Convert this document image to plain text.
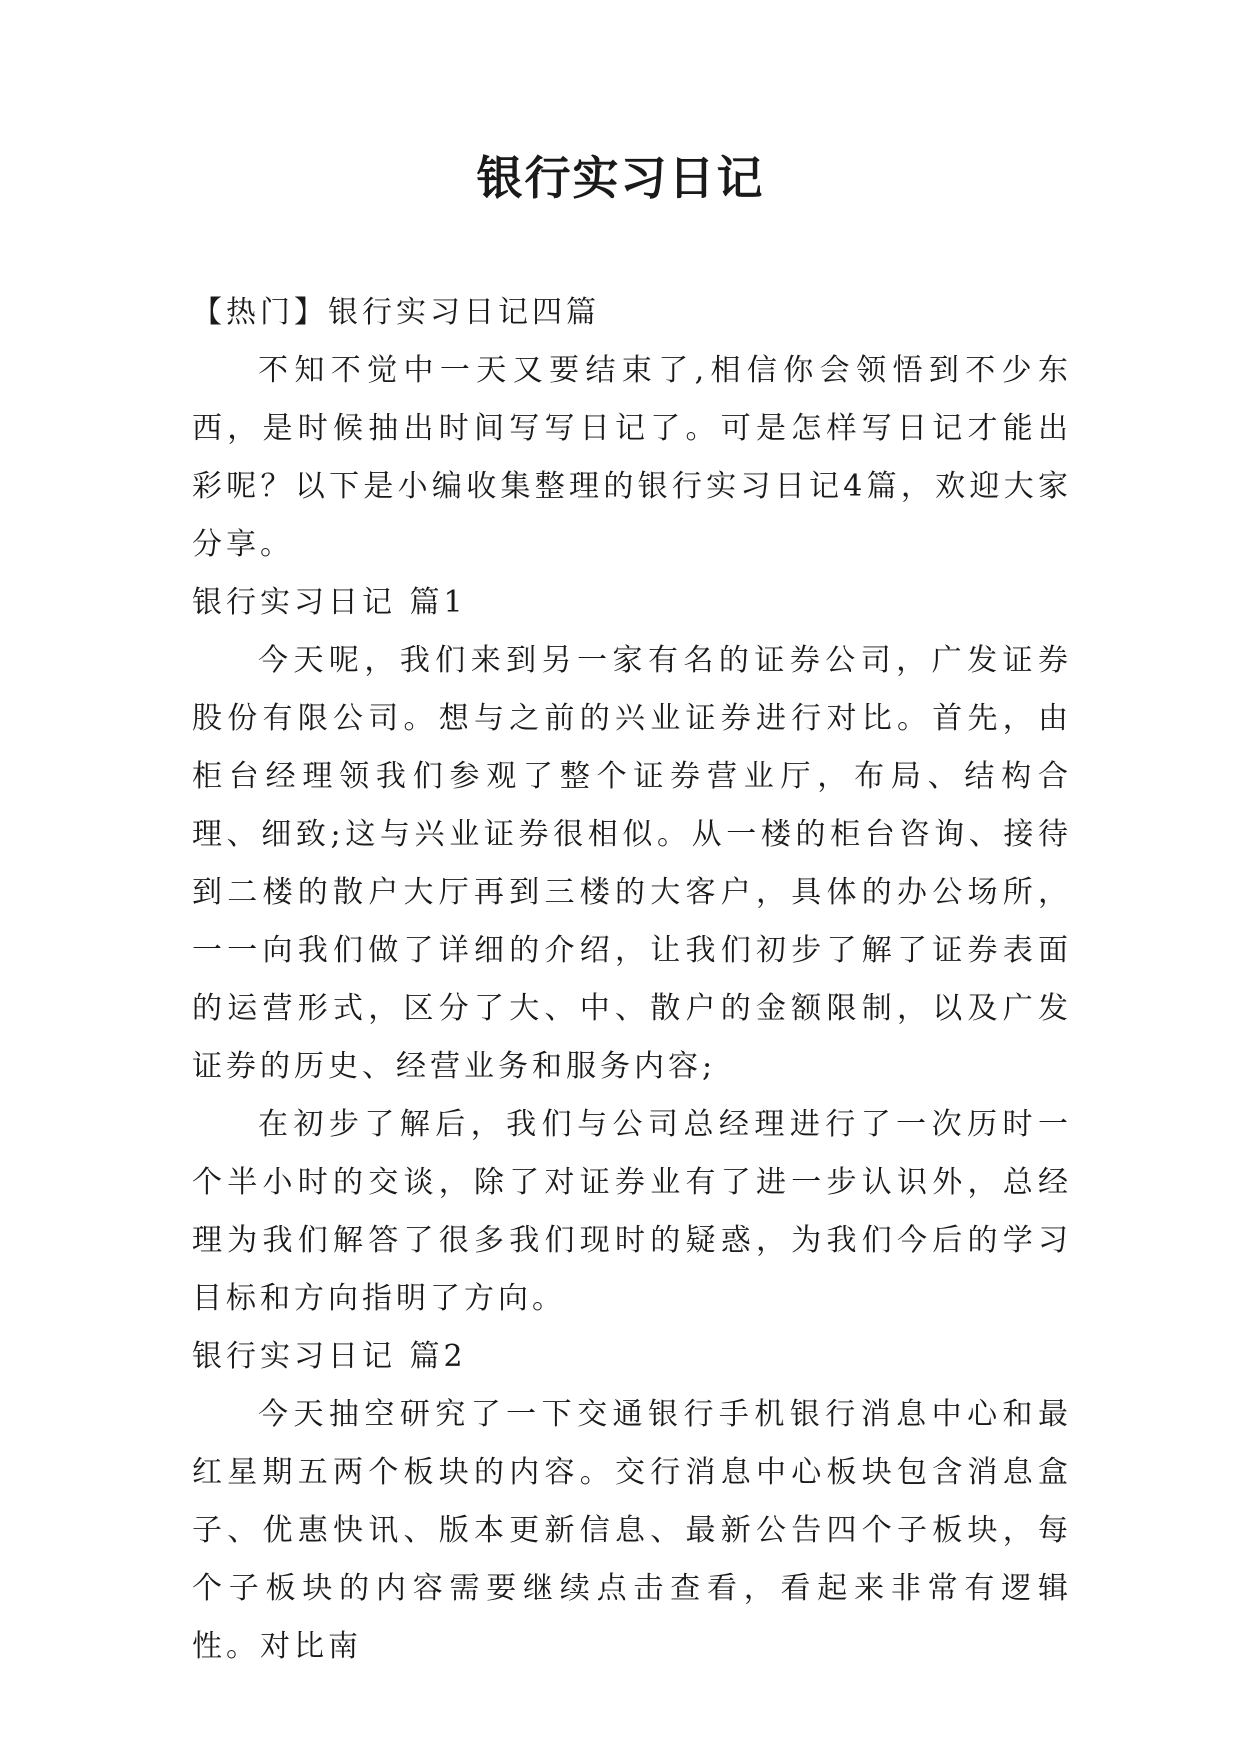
银行实习日记

【热门】银行实习日记四篇

不知不觉中一天又要结束了,相信你会领悟到不少东西，是时候抽出时间写写日记了。可是怎样写日记才能出彩呢？以下是小编收集整理的银行实习日记4篇，欢迎大家分享。

银行实习日记 篇1

今天呢，我们来到另一家有名的证券公司，广发证券股份有限公司。想与之前的兴业证券进行对比。首先，由柜台经理领我们参观了整个证券营业厅，布局、结构合理、细致;这与兴业证券很相似。从一楼的柜台咨询、接待到二楼的散户大厅再到三楼的大客户，具体的办公场所，一一向我们做了详细的介绍，让我们初步了解了证券表面的运营形式，区分了大、中、散户的金额限制，以及广发证券的历史、经营业务和服务内容;

在初步了解后，我们与公司总经理进行了一次历时一个半小时的交谈，除了对证券业有了进一步认识外，总经理为我们解答了很多我们现时的疑惑，为我们今后的学习目标和方向指明了方向。

银行实习日记 篇2

今天抽空研究了一下交通银行手机银行消息中心和最红星期五两个板块的内容。交行消息中心板块包含消息盒子、优惠快讯、版本更新信息、最新公告四个子板块，每个子板块的内容需要继续点击查看，看起来非常有逻辑性。对比南
